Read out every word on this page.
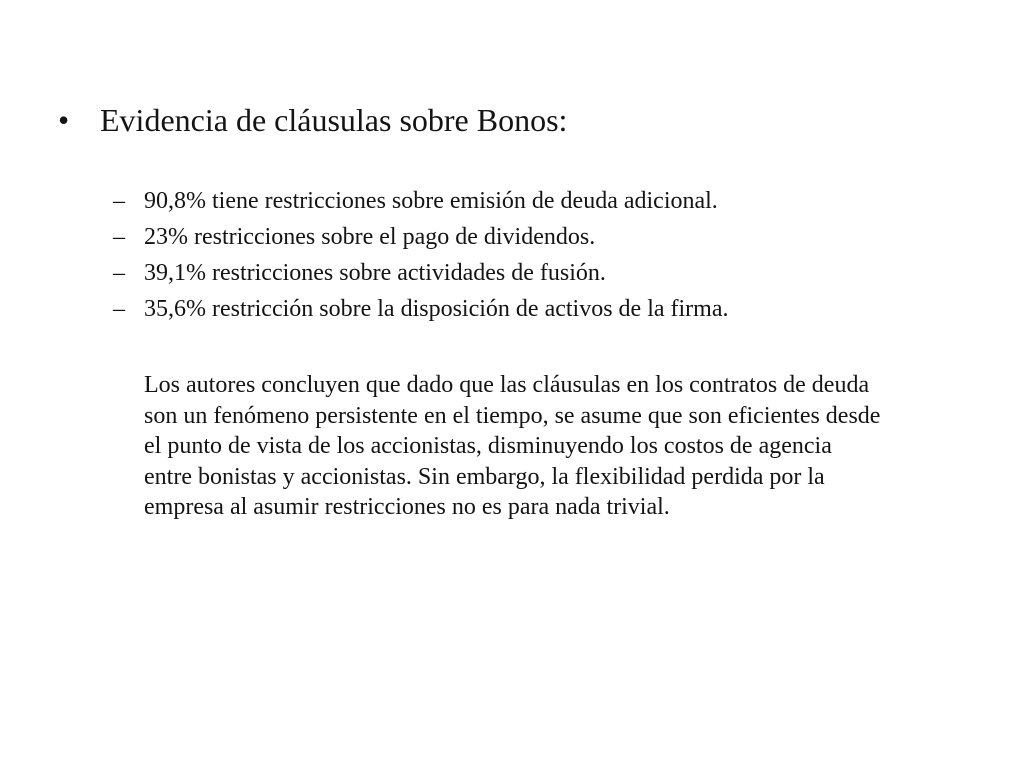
• Evidencia de cláusulas sobre Bonos:
– 90,8% tiene restricciones sobre emisión de deuda adicional.
– 23% restricciones sobre el pago de dividendos.
– 39,1% restricciones sobre actividades de fusión.
– 35,6% restricción sobre la disposición de activos de la firma.

Los autores concluyen que dado que las cláusulas en los contratos de deuda son un fenómeno persistente en el tiempo, se asume que son eficientes desde el punto de vista de los accionistas, disminuyendo los costos de agencia entre bonistas y accionistas. Sin embargo, la flexibilidad perdida por la empresa al asumir restricciones no es para nada trivial.
